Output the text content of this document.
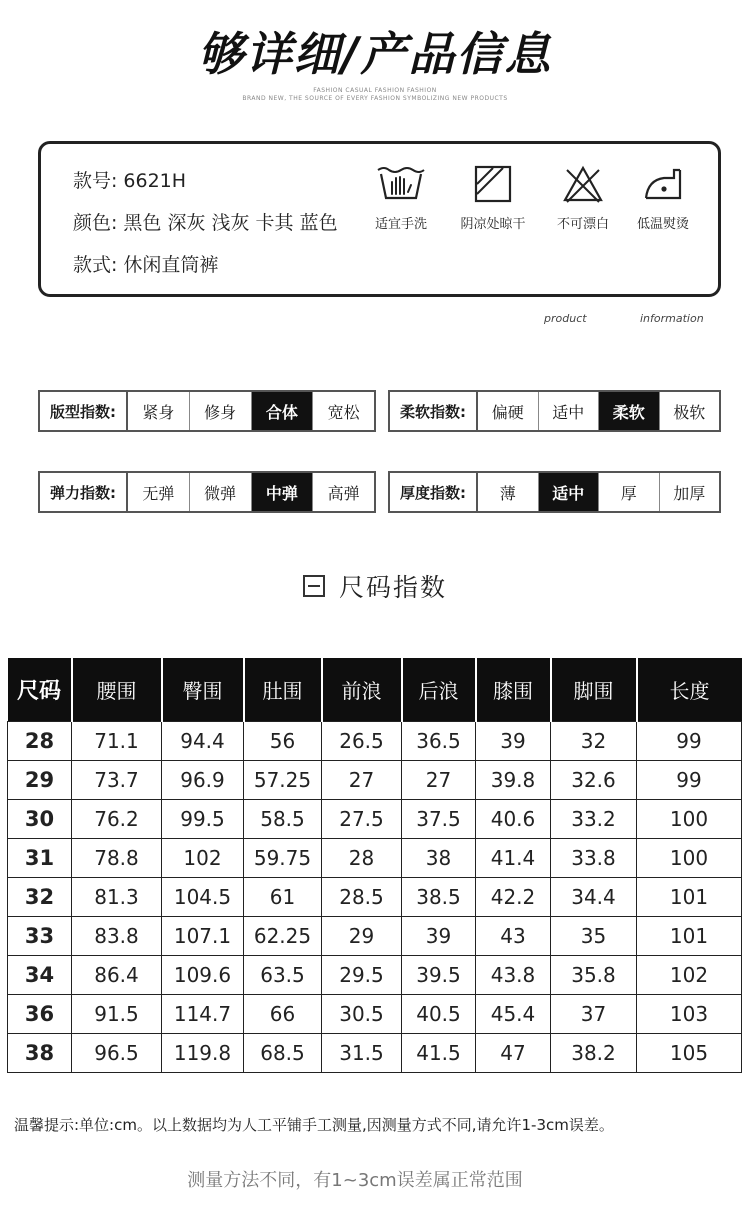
够详细/产品信息
FASHION CASUAL FASHION FASHION
BRAND NEW, THE SOURCE OF EVERY FASHION SYMBOLIZING NEW PRODUCTS
款号: 6621H
颜色: 黑色 深灰 浅灰 卡其 蓝色
款式: 休闲直筒裤
适宜手洗	阴凉处晾干	不可漂白	低温熨烫
product	information
版型指数:	紧身	修身	合体	宽松	柔软指数:	偏硬	适中	柔软	极软
弹力指数:	无弹	微弹	中弹	高弹	厚度指数:	薄	适中	厚	加厚
尺码指数
尺码	腰围	臀围	肚围	前浪	后浪	膝围	脚围	长度
28	71.1	94.4	56	26.5	36.5	39	32	99
29	73.7	96.9	57.25	27	27	39.8	32.6	99
30	76.2	99.5	58.5	27.5	37.5	40.6	33.2	100
31	78.8	102	59.75	28	38	41.4	33.8	100
32	81.3	104.5	61	28.5	38.5	42.2	34.4	101
33	83.8	107.1	62.25	29	39	43	35	101
34	86.4	109.6	63.5	29.5	39.5	43.8	35.8	102
36	91.5	114.7	66	30.5	40.5	45.4	37	103
38	96.5	119.8	68.5	31.5	41.5	47	38.2	105
温馨提示:单位:cm。以上数据均为人工平铺手工测量,因测量方式不同,请允许1-3cm误差。
测量方法不同，有1~3cm误差属正常范围
